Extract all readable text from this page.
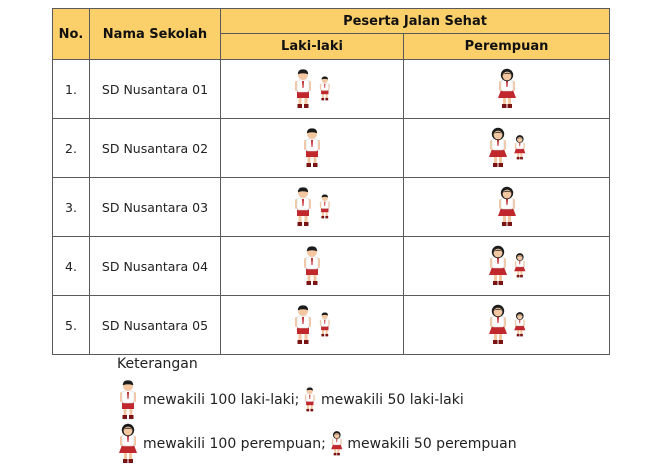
No.	Nama Sekolah	Peserta Jalan Sehat	
		Laki-laki	Perempuan
1.	SD Nusantara 01		
2.	SD Nusantara 02		
3.	SD Nusantara 03		
4.	SD Nusantara 04		
5.	SD Nusantara 05		
Keterangan
mewakili 100 laki-laki; mewakili 50 laki-laki
mewakili 100 perempuan; mewakili 50 perempuan
